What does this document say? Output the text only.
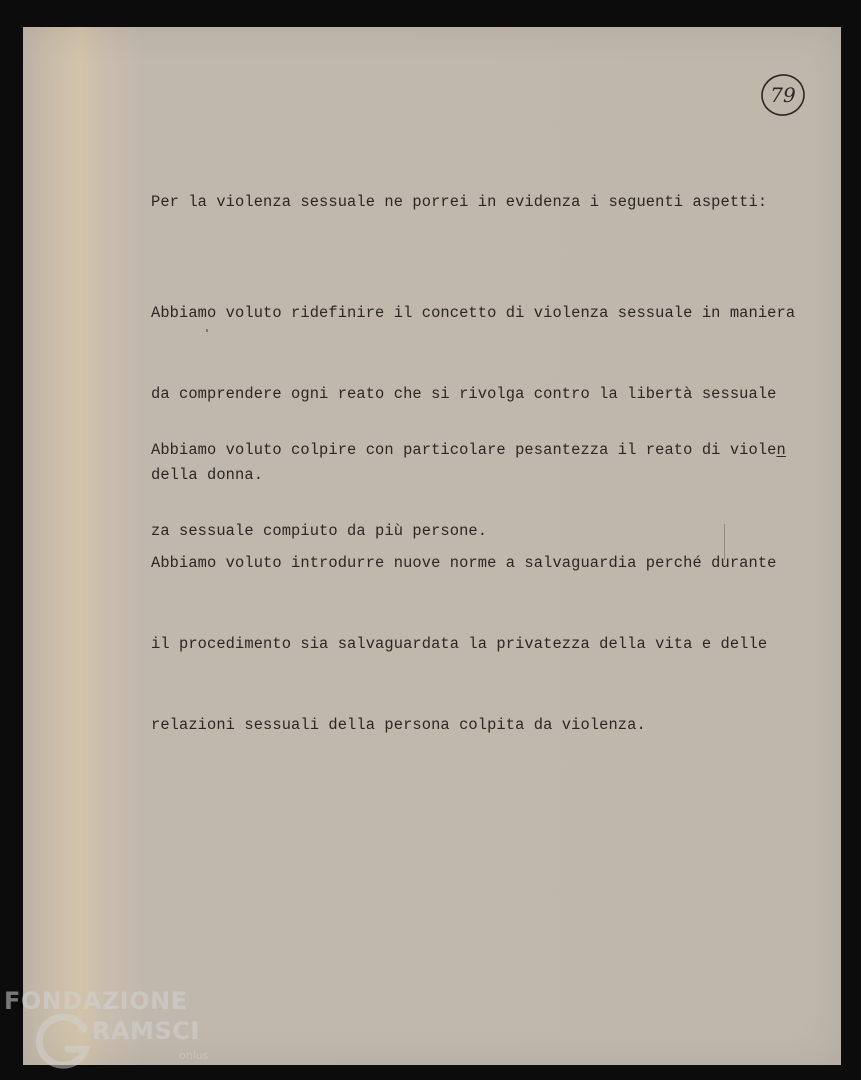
79

Per la violenza sessuale ne porrei in evidenza i seguenti aspetti:

Abbiamo voluto ridefinire il concetto di violenza sessuale in maniera

da comprendere ogni reato che si rivolga contro la libertà sessuale

della donna.

Abbiamo voluto colpire con particolare pesantezza il reato di violen

za sessuale compiuto da più persone.

Abbiamo voluto introdurre nuove norme a salvaguardia perché durante

il procedimento sia salvaguardata la privatezza della vita e delle

relazioni sessuali della persona colpita da violenza.

FONDAZIONE
RAMSCI
onlus
